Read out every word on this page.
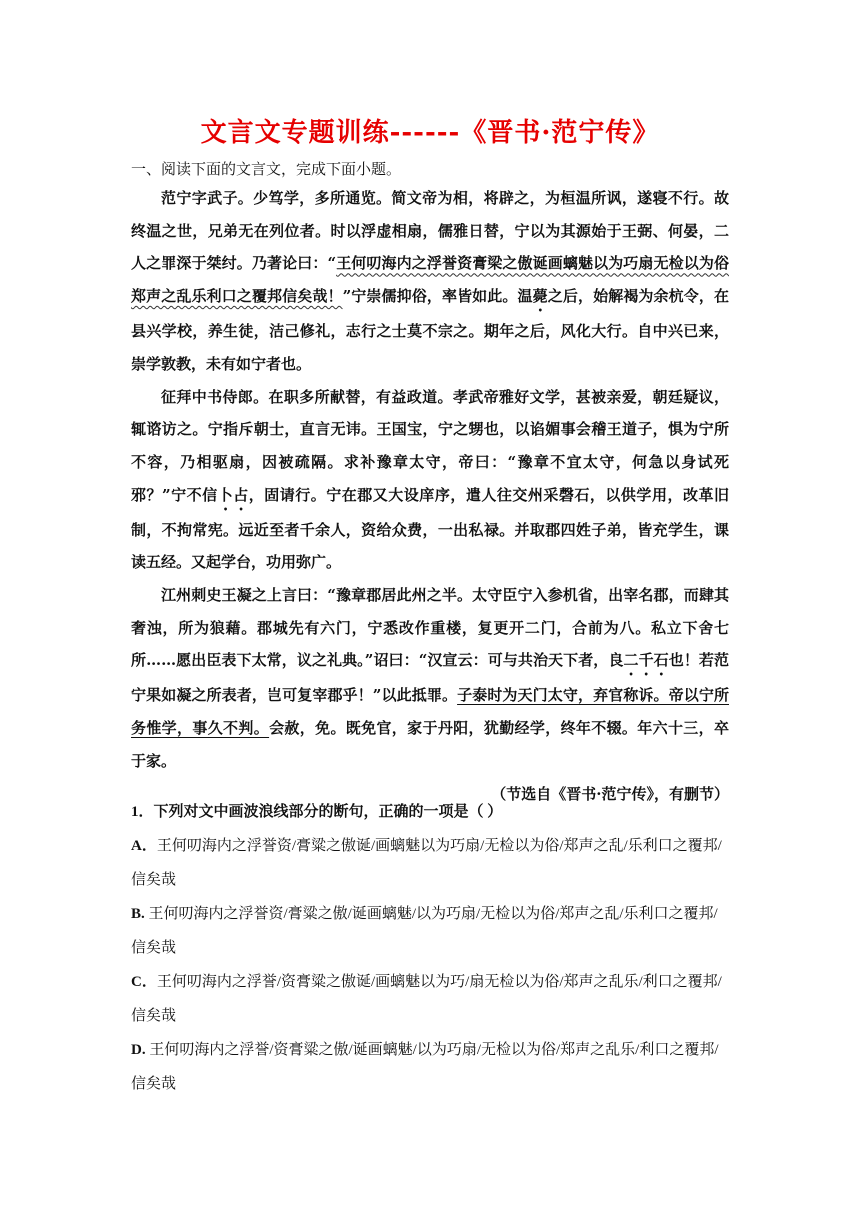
文言文专题训练------《晋书·范宁传》
一、阅读下面的文言文，完成下面小题。

范宁字武子。少笃学，多所通览。简文帝为相，将辟之，为桓温所讽，遂寝不行。故终温之世，兄弟无在列位者。时以浮虚相扇，儒雅日替，宁以为其源始于王弼、何晏，二人之罪深于桀纣。乃著论曰：“王何叨海内之浮誉资膏梁之傲诞画螭魅以为巧扇无检以为俗郑声之乱乐利口之覆邦信矣哉！”宁崇儒抑俗，率皆如此。温薨之后，始解褐为余杭令，在县兴学校，养生徒，洁己修礼，志行之士莫不宗之。期年之后，风化大行。自中兴已来，崇学敦教，未有如宁者也。

征拜中书侍郎。在职多所献替，有益政道。孝武帝雅好文学，甚被亲爱，朝廷疑议，辄谘访之。宁指斥朝士，直言无讳。王国宝，宁之甥也，以谄媚事会稽王道子，惧为宁所不容，乃相驱扇，因被疏隔。求补豫章太守，帝曰：“豫章不宜太守，何急以身试死邪？”宁不信卜占，固请行。宁在郡又大设庠序，遣人往交州采磬石，以供学用，改革旧制，不拘常宪。远近至者千余人，资给众费，一出私禄。并取郡四姓子弟，皆充学生，课读五经。又起学台，功用弥广。

江州刺史王凝之上言曰：“豫章郡居此州之半。太守臣宁入参机省，出宰名郡，而肆其奢浊，所为狼藉。郡城先有六门，宁悉改作重楼，复更开二门，合前为八。私立下舍七所……愿出臣表下太常，议之礼典。”诏曰：“汉宣云：可与共治天下者，良二千石也！若范宁果如凝之所表者，岂可复宰郡乎！”以此抵罪。子泰时为天门太守，弃官称诉。帝以宁所务惟学，事久不判。会赦，免。既免官，家于丹阳，犹勤经学，终年不辍。年六十三，卒于家。

（节选自《晋书·范宁传》，有删节）

1．下列对文中画波浪线部分的断句，正确的一项是（ ）

A．王何叨海内之浮誉资/膏粱之傲诞/画螭魅以为巧扇/无检以为俗/郑声之乱/乐利口之覆邦/信矣哉

B. 王何叨海内之浮誉资/膏粱之傲/诞画螭魅/以为巧扇/无检以为俗/郑声之乱/乐利口之覆邦/信矣哉

C．王何叨海内之浮誉/资膏粱之傲诞/画螭魅以为巧/扇无检以为俗/郑声之乱乐/利口之覆邦/信矣哉

D. 王何叨海内之浮誉/资膏粱之傲/诞画螭魅/以为巧扇/无检以为俗/郑声之乱乐/利口之覆邦/信矣哉
